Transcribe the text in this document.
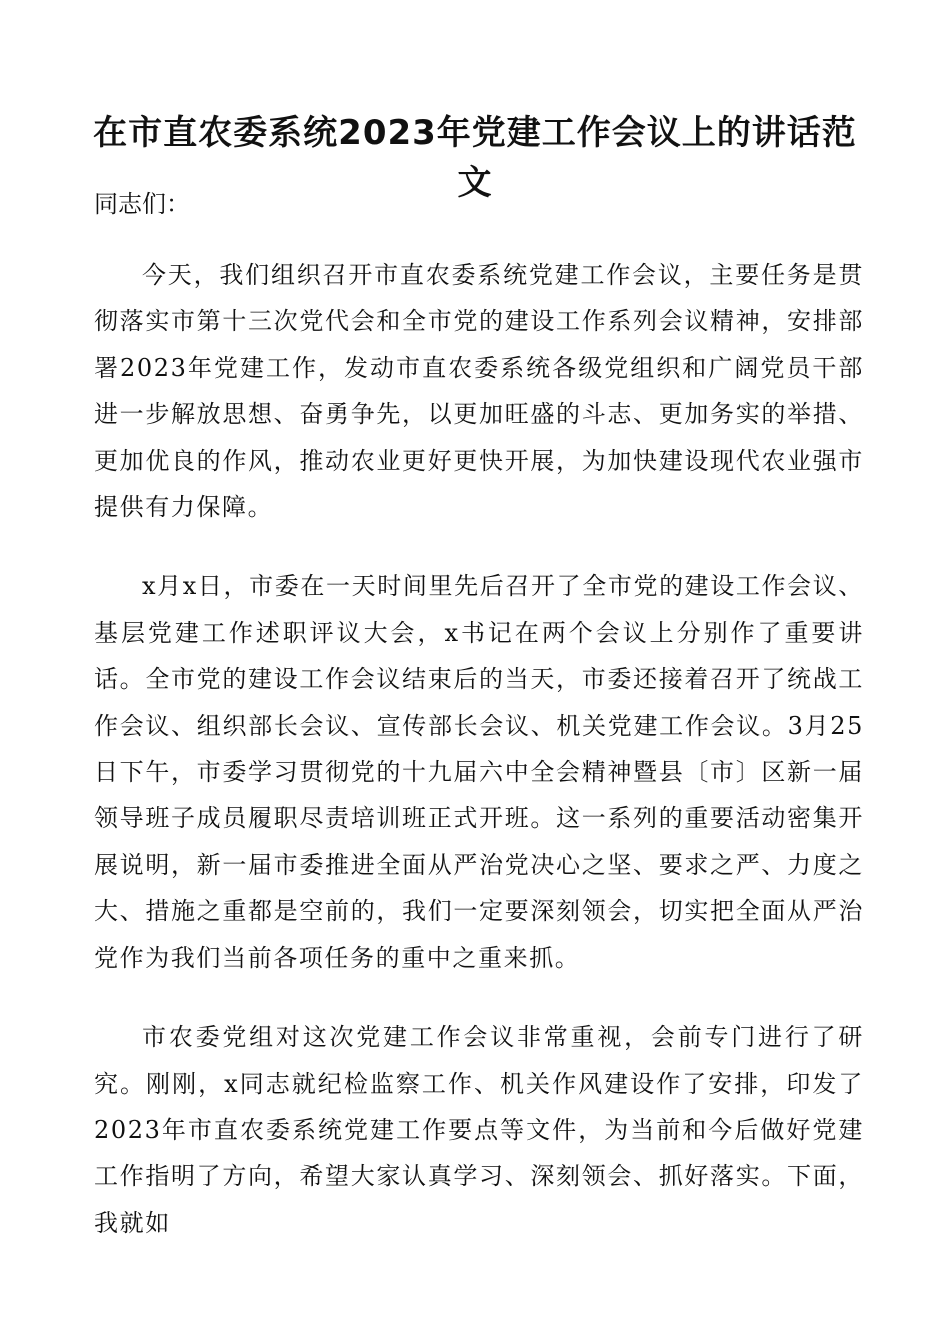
在市直农委系统2023年党建工作会议上的讲话范文

同志们：

今天，我们组织召开市直农委系统党建工作会议，主要任务是贯彻落实市第十三次党代会和全市党的建设工作系列会议精神，安排部署2023年党建工作，发动市直农委系统各级党组织和广阔党员干部进一步解放思想、奋勇争先，以更加旺盛的斗志、更加务实的举措、更加优良的作风，推动农业更好更快开展，为加快建设现代农业强市提供有力保障。

x月x日，市委在一天时间里先后召开了全市党的建设工作会议、基层党建工作述职评议大会，x书记在两个会议上分别作了重要讲话。全市党的建设工作会议结束后的当天，市委还接着召开了统战工作会议、组织部长会议、宣传部长会议、机关党建工作会议。3月25日下午，市委学习贯彻党的十九届六中全会精神暨县〔市〕区新一届领导班子成员履职尽责培训班正式开班。这一系列的重要活动密集开展说明，新一届市委推进全面从严治党决心之坚、要求之严、力度之大、措施之重都是空前的，我们一定要深刻领会，切实把全面从严治党作为我们当前各项任务的重中之重来抓。

市农委党组对这次党建工作会议非常重视，会前专门进行了研究。刚刚，x同志就纪检监察工作、机关作风建设作了安排，印发了2023年市直农委系统党建工作要点等文件，为当前和今后做好党建工作指明了方向，希望大家认真学习、深刻领会、抓好落实。下面，我就如
